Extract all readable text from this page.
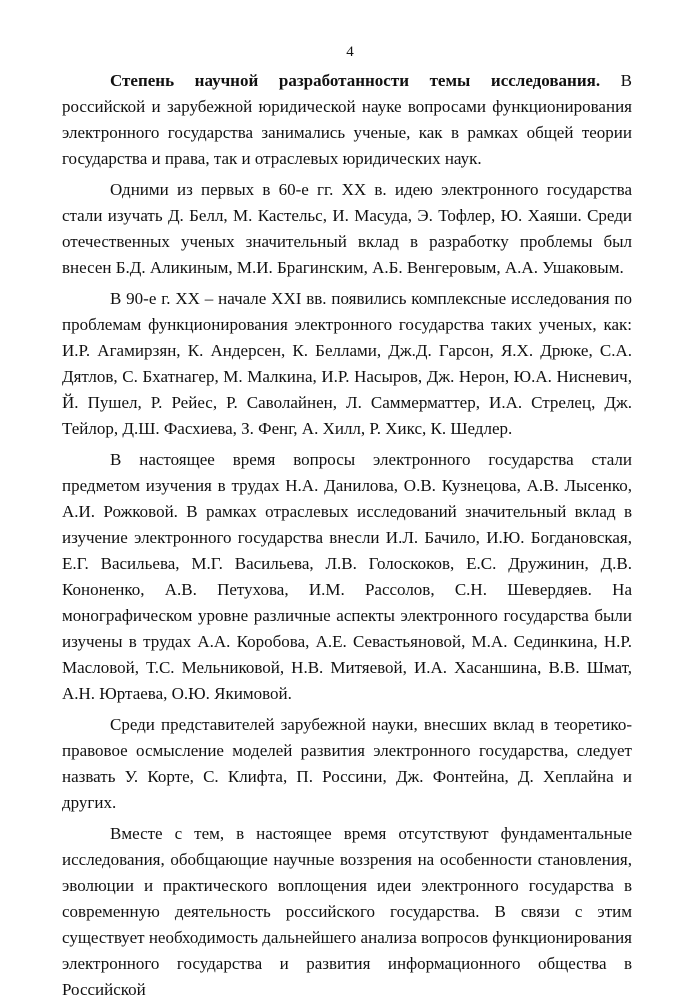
4

Степень научной разработанности темы исследования. В российской и зарубежной юридической науке вопросами функционирования электронного государства занимались ученые, как в рамках общей теории государства и права, так и отраслевых юридических наук.

Одними из первых в 60-е гг. XX в. идею электронного государства стали изучать Д. Белл, М. Кастельс, И. Масуда, Э. Тофлер, Ю. Хаяши. Среди отечественных ученых значительный вклад в разработку проблемы был внесен Б.Д. Аликиным, М.И. Брагинским, А.Б. Венгеровым, А.А. Ушаковым.

В 90-е г. XX – начале XXI вв. появились комплексные исследования по проблемам функционирования электронного государства таких ученых, как: И.Р. Агамирзян, К. Андерсен, К. Беллами, Дж.Д. Гарсон, Я.Х. Дрюке, С.А. Дятлов, С. Бхатнагер, М. Малкина, И.Р. Насыров, Дж. Нерон, Ю.А. Нисневич, Й. Пушел, Р. Рейес, Р. Саволайнен, Л. Саммерматтер, И.А. Стрелец, Дж. Тейлор, Д.Ш. Фасхиева, З. Фенг, А. Хилл, Р. Хикс, К. Шедлер.

В настоящее время вопросы электронного государства стали предметом изучения в трудах Н.А. Данилова, О.В. Кузнецова, А.В. Лысенко, А.И. Рожковой. В рамках отраслевых исследований значительный вклад в изучение электронного государства внесли И.Л. Бачило, И.Ю. Богдановская, Е.Г. Васильева, М.Г. Васильева, Л.В. Голоскоков, Е.С. Дружинин, Д.В. Кононенко, А.В. Петухова, И.М. Рассолов, С.Н. Шевердяев. На монографическом уровне различные аспекты электронного государства были изучены в трудах А.А. Коробова, А.Е. Севастьяновой, М.А. Сединкина, Н.Р. Масловой, Т.С. Мельниковой, Н.В. Митяевой, И.А. Хасаншина, В.В. Шмат, А.Н. Юртаева, О.Ю. Якимовой.

Среди представителей зарубежной науки, внесших вклад в теоретико-правовое осмысление моделей развития электронного государства, следует назвать У. Корте, С. Клифта, П. Россини, Дж. Фонтейна, Д. Хеплайна и других.

Вместе с тем, в настоящее время отсутствуют фундаментальные исследования, обобщающие научные воззрения на особенности становления, эволюции и практического воплощения идеи электронного государства в современную деятельность российского государства. В связи с этим существует необходимость дальнейшего анализа вопросов функционирования электронного государства и развития информационного общества в Российской
